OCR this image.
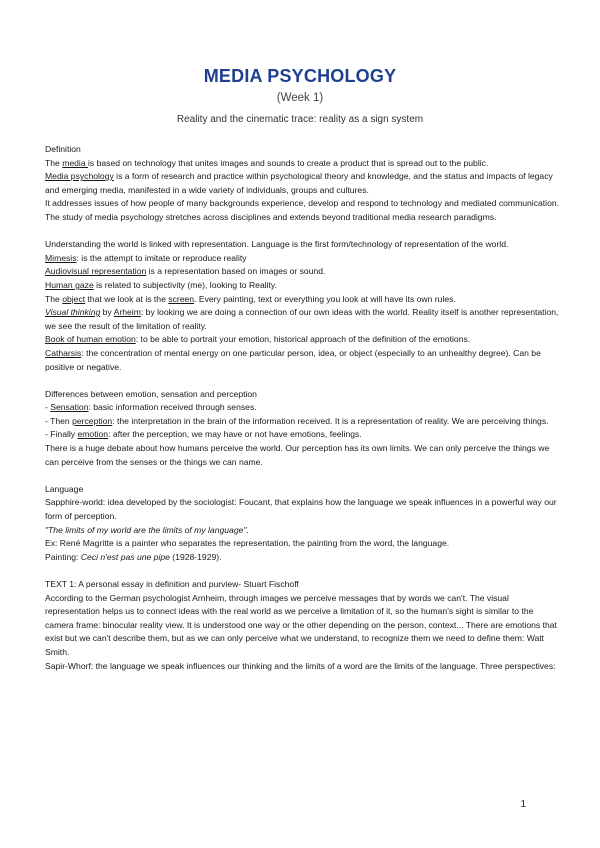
MEDIA PSYCHOLOGY
(Week 1)
Reality and the cinematic trace: reality as a sign system

Definition

The media is based on technology that unites images and sounds to create a product that is spread out to the public.

Media psychology is a form of research and practice within psychological theory and knowledge, and the status and impacts of legacy and emerging media, manifested in a wide variety of individuals, groups and cultures.

It addresses issues of how people of many backgrounds experience, develop and respond to technology and mediated communication. The study of media psychology stretches across disciplines and extends beyond traditional media research paradigms.

Understanding the world is linked with representation. Language is the first form/technology of representation of the world.

Mimesis: is the attempt to imitate or reproduce reality

Audiovisual representation is a representation based on images or sound.

Human gaze is related to subjectivity (me), looking to Reality.

The object that we look at is the screen. Every painting, text or everything you look at will have its own rules.

Visual thinking by Arheim: by looking we are doing a connection of our own ideas with the world. Reality itself is another representation, we see the result of the limitation of reality.

Book of human emotion: to be able to portrait your emotion, historical approach of the definition of the emotions.

Catharsis: the concentration of mental energy on one particular person, idea, or object (especially to an unhealthy degree). Can be positive or negative.

Differences between emotion, sensation and perception

- Sensation: basic information received through senses.

- Then perception: the interpretation in the brain of the information received. It is a representation of reality. We are perceiving things.

- Finally emotion: after the perception, we may have or not have emotions, feelings.

There is a huge debate about how humans perceive the world. Our perception has its own limits. We can only perceive the things we can perceive from the senses or the things we can name.

Language

Sapphire-world: idea developed by the sociologist: Foucant, that explains how the language we speak influences in a powerful way our form of perception.

"The limits of my world are the limits of my language".

Ex: René Magritte is a painter who separates the representation, the painting from the word, the language.

Painting: Ceci n'est pas une pipe (1928-1929).

TEXT 1: A personal essay in definition and purview- Stuart Fischoff

According to the German psychologist Arnheim, through images we perceive messages that by words we can't. The visual representation helps us to connect ideas with the real world as we perceive a limitation of it, so the human's sight is similar to the camera frame: binocular reality view. It is understood one way or the other depending on the person, context... There are emotions that exist but we can't describe them, but as we can only perceive what we understand, to recognize them we need to define them: Watt Smith.

Sapir-Whorf: the language we speak influences our thinking and the limits of a word are the limits of the language. Three perspectives:

1
